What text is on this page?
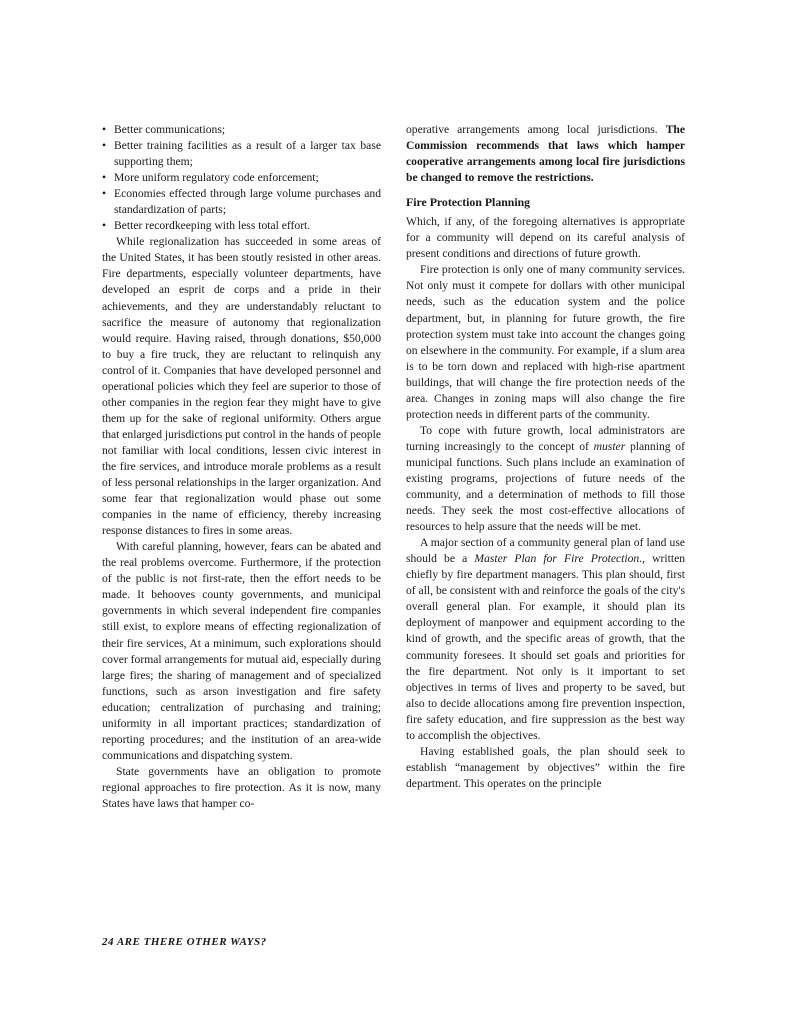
• Better communications;
• Better training facilities as a result of a larger tax base supporting them;
• More uniform regulatory code enforcement;
• Economies effected through large volume purchases and standardization of parts;
• Better recordkeeping with less total effort.

While regionalization has succeeded in some areas of the United States, it has been stoutly resisted in other areas. Fire departments, especially volunteer departments, have developed an esprit de corps and a pride in their achievements, and they are understandably reluctant to sacrifice the measure of autonomy that regionalization would require. Having raised, through donations, $50,000 to buy a fire truck, they are reluctant to relinquish any control of it. Companies that have developed personnel and operational policies which they feel are superior to those of other companies in the region fear they might have to give them up for the sake of regional uniformity. Others argue that enlarged jurisdictions put control in the hands of people not familiar with local conditions, lessen civic interest in the fire services, and introduce morale problems as a result of less personal relationships in the larger organization. And some fear that regionalization would phase out some companies in the name of efficiency, thereby increasing response distances to fires in some areas.

With careful planning, however, fears can be abated and the real problems overcome. Furthermore, if the protection of the public is not first-rate, then the effort needs to be made. It behooves county governments, and municipal governments in which several independent fire companies still exist, to explore means of effecting regionalization of their fire services, At a minimum, such explorations should cover formal arrangements for mutual aid, especially during large fires; the sharing of management and of specialized functions, such as arson investigation and fire safety education; centralization of purchasing and training; uniformity in all important practices; standardization of reporting procedures; and the institution of an area-wide communications and dispatching system.

State governments have an obligation to promote regional approaches to fire protection. As it is now, many States have laws that hamper co-

operative arrangements among local jurisdictions. The Commission recommends that laws which hamper cooperative arrangements among local fire jurisdictions be changed to remove the restrictions.

Fire Protection Planning

Which, if any, of the foregoing alternatives is appropriate for a community will depend on its careful analysis of present conditions and directions of future growth.

Fire protection is only one of many community services. Not only must it compete for dollars with other municipal needs, such as the education system and the police department, but, in planning for future growth, the fire protection system must take into account the changes going on elsewhere in the community. For example, if a slum area is to be torn down and replaced with high-rise apartment buildings, that will change the fire protection needs of the area. Changes in zoning maps will also change the fire protection needs in different parts of the community.

To cope with future growth, local administrators are turning increasingly to the concept of muster planning of municipal functions. Such plans include an examination of existing programs, projections of future needs of the community, and a determination of methods to fill those needs. They seek the most cost-effective allocations of resources to help assure that the needs will be met.

A major section of a community general plan of land use should be a Master Plan for Fire Protection., written chiefly by fire department managers. This plan should, first of all, be consistent with and reinforce the goals of the city's overall general plan. For example, it should plan its deployment of manpower and equipment according to the kind of growth, and the specific areas of growth, that the community foresees. It should set goals and priorities for the fire department. Not only is it important to set objectives in terms of lives and property to be saved, but also to decide allocations among fire prevention inspection, fire safety education, and fire suppression as the best way to accomplish the objectives.

Having established goals, the plan should seek to establish “management by objectives” within the fire department. This operates on the principle

24 ARE THERE OTHER WAYS?
